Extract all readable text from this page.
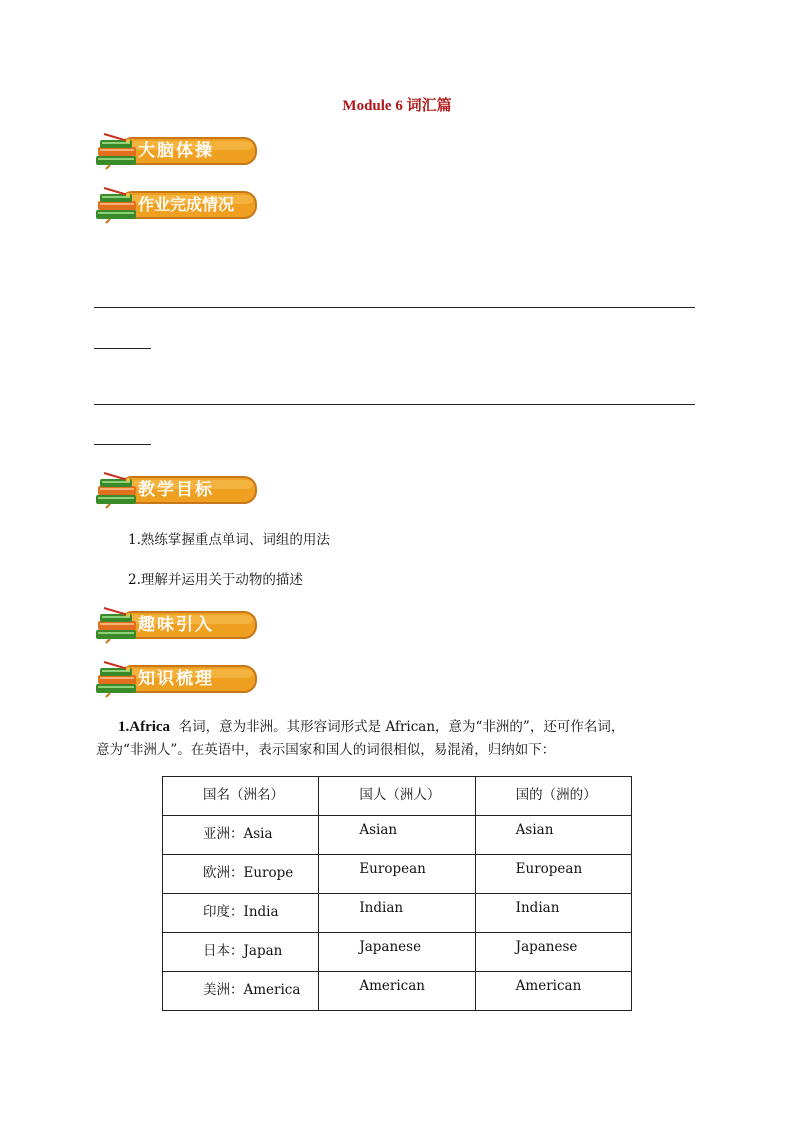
Module 6 词汇篇
大脑体操
作业完成情况
教学目标
1.熟练掌握重点单词、词组的用法
2.理解并运用关于动物的描述
趣味引入
知识梳理
1.Africa 名词，意为非洲。其形容词形式是 African，意为“非洲的”，还可作名词，
意为“非洲人”。在英语中，表示国家和国人的词很相似，易混淆，归纳如下：
国名（洲名）	国人（洲人）	国的（洲的）
亚洲：Asia	Asian	Asian
欧洲：Europe	European	European
印度：India	Indian	Indian
日本：Japan	Japanese	Japanese
美洲：America	American	American
